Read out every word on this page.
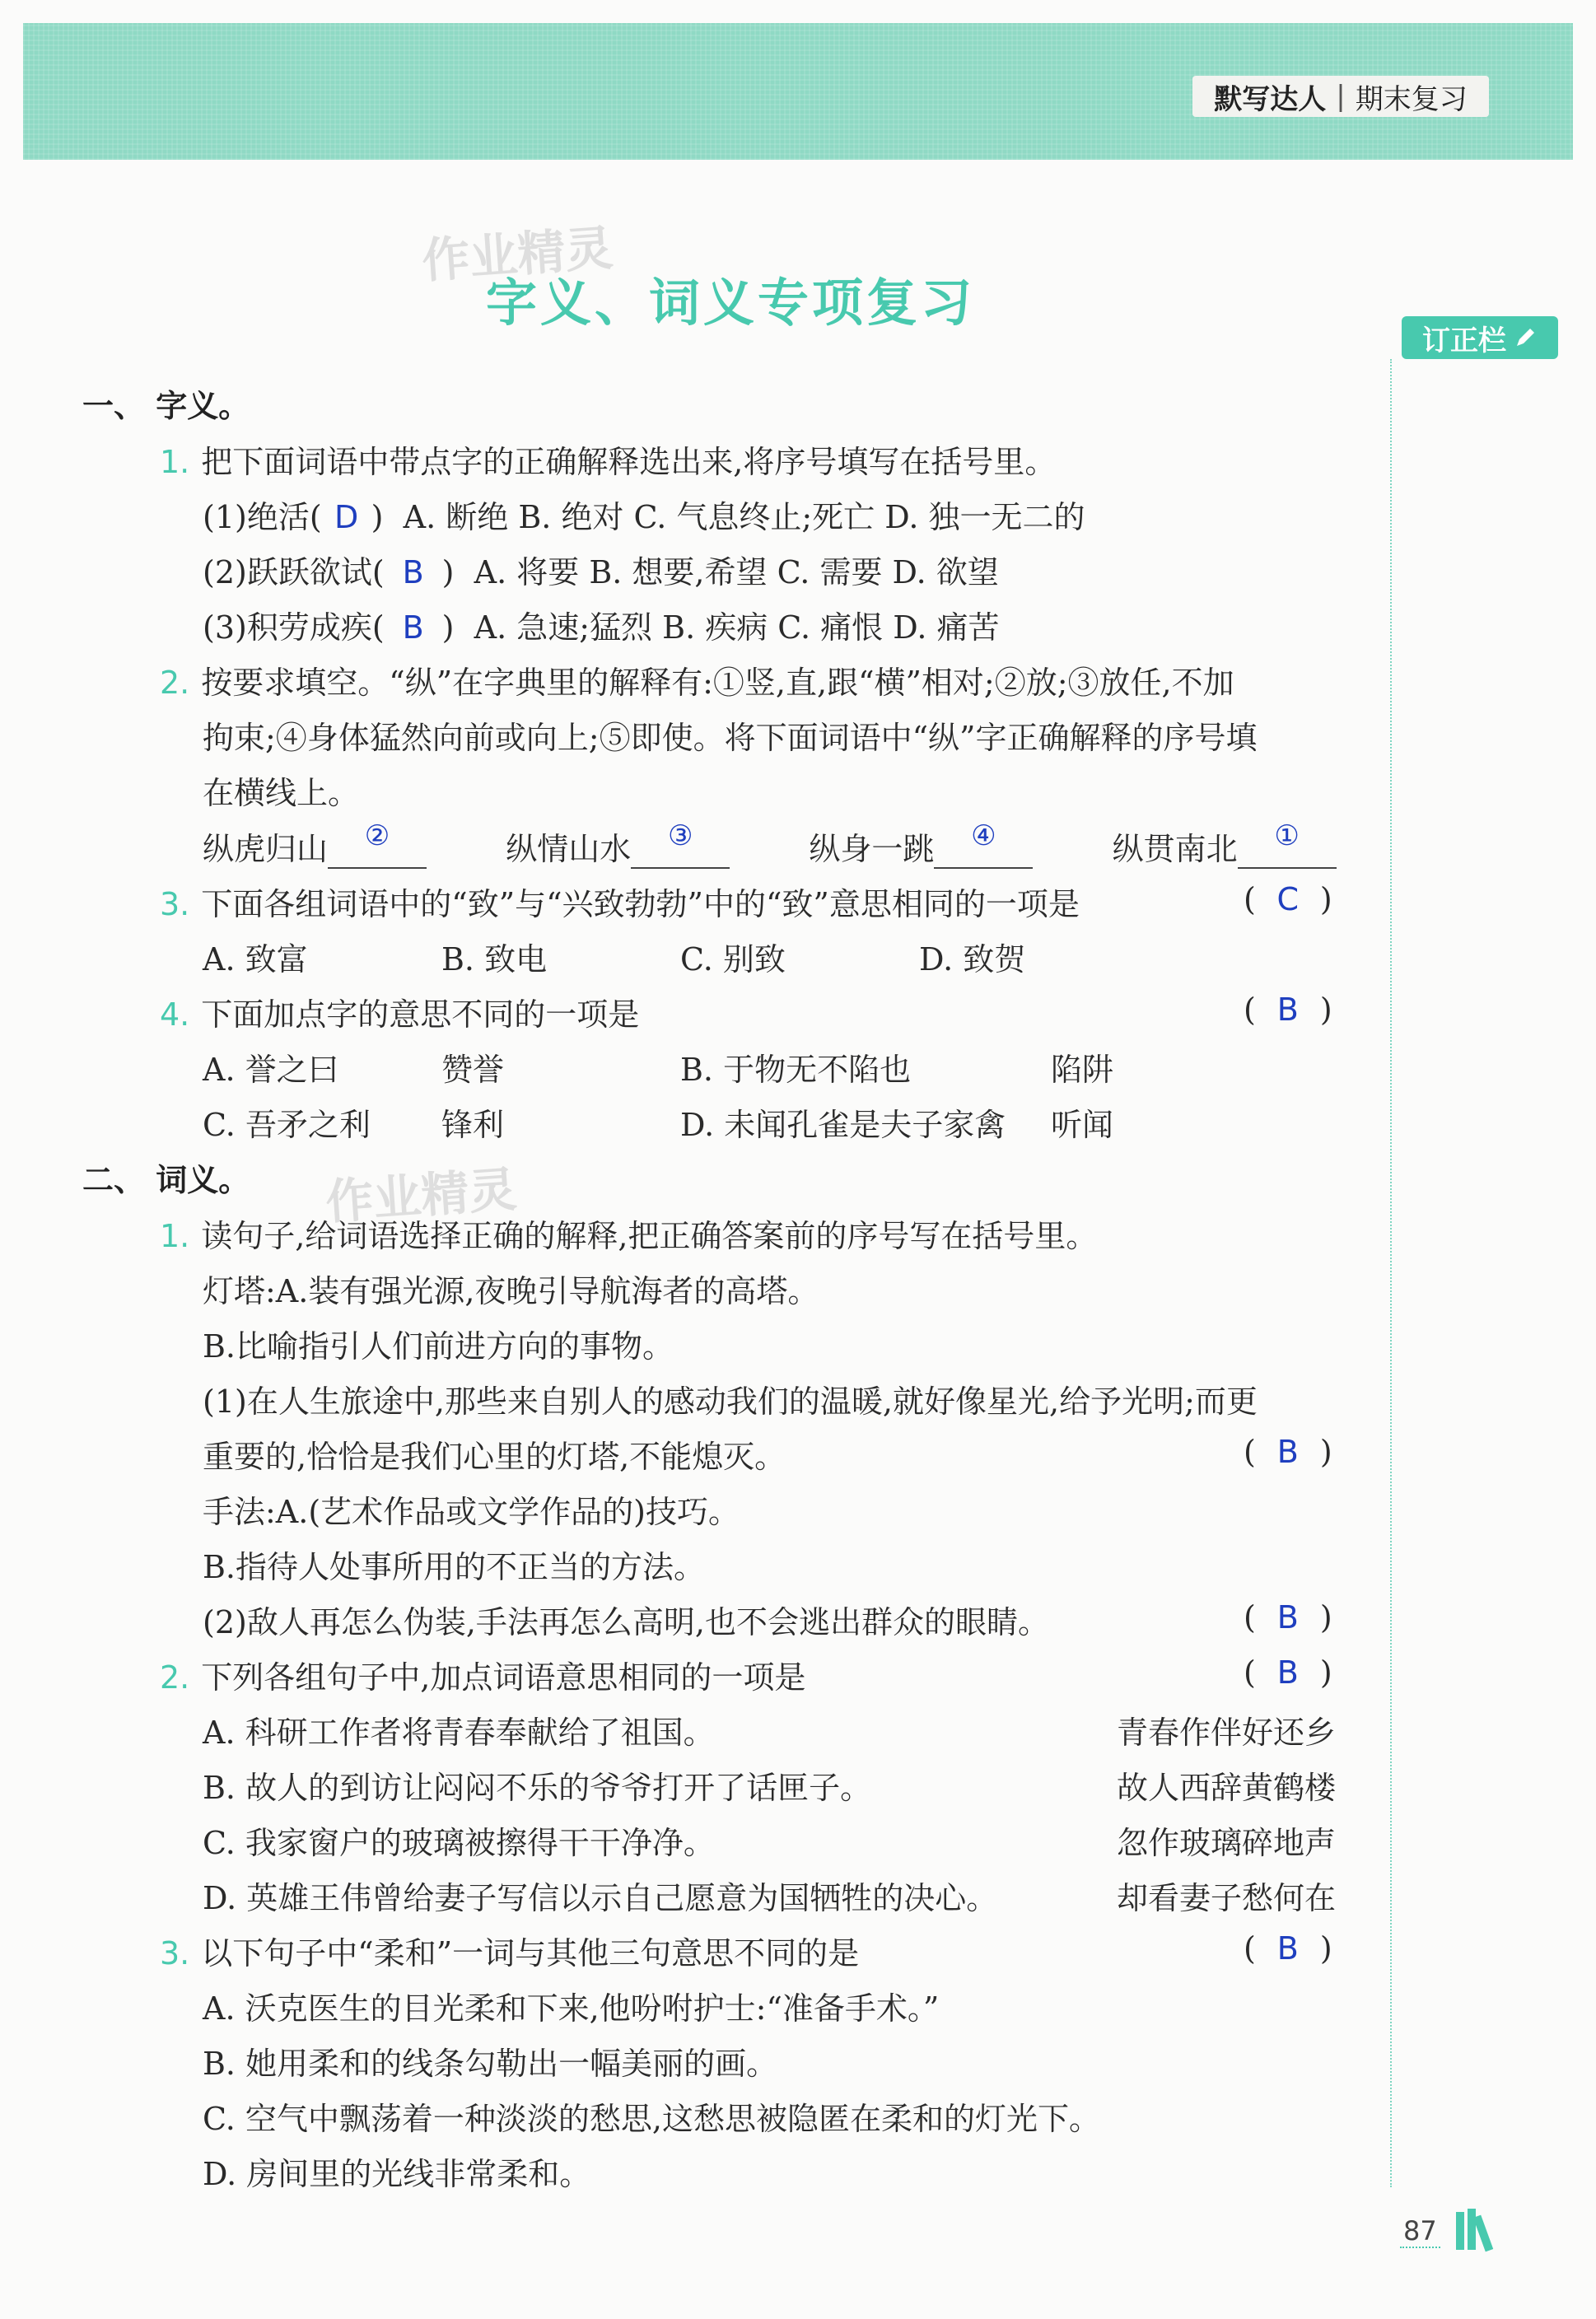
默写达人 | 期末复习
作业精灵
字义、词义专项复习
订正栏
一、 字义。
1. 把下面词语中带点字的正确解释选出来,将序号填写在括号里。
(1)绝活( D ) A. 断绝 B. 绝对 C. 气息终止;死亡 D. 独一无二的
(2)跃跃欲试( B ) A. 将要 B. 想要,希望 C. 需要 D. 欲望
(3)积劳成疾( B ) A. 急速;猛烈 B. 疾病 C. 痛恨 D. 痛苦
2. 按要求填空。“纵”在字典里的解释有:①竖,直,跟“横”相对;②放;③放任,不加
拘束;④身体猛然向前或向上;⑤即使。将下面词语中“纵”字正确解释的序号填
在横线上。
纵虎归山	②	纵情山水	③	纵身一跳	④	纵贯南北	①
3. 下面各组词语中的“致”与“兴致勃勃”中的“致”意思相同的一项是	( C )
A. 致富	B. 致电	C. 别致	D. 致贺
4. 下面加点字的意思不同的一项是	( B )
A. 誉之曰	赞誉	B. 于物无不陷也	陷阱
C. 吾矛之利 锋利	D. 未闻孔雀是夫子家禽 听闻
作业精灵
二、 词义。
1. 读句子,给词语选择正确的解释,把正确答案前的序号写在括号里。
灯塔:A.装有强光源,夜晚引导航海者的高塔。
B.比喻指引人们前进方向的事物。
(1)在人生旅途中,那些来自别人的感动我们的温暖,就好像星光,给予光明;而更
重要的,恰恰是我们心里的灯塔,不能熄灭。	( B )
手法:A.(艺术作品或文学作品的)技巧。
B.指待人处事所用的不正当的方法。
(2)敌人再怎么伪装,手法再怎么高明,也不会逃出群众的眼睛。	( B )
2. 下列各组句子中,加点词语意思相同的一项是	( B )
A. 科研工作者将青春奉献给了祖国。	青春作伴好还乡
B. 故人的到访让闷闷不乐的爷爷打开了话匣子。	故人西辞黄鹤楼
C. 我家窗户的玻璃被擦得干干净净。	忽作玻璃碎地声
D. 英雄王伟曾给妻子写信以示自己愿意为国牺牲的决心。	却看妻子愁何在
3. 以下句子中“柔和”一词与其他三句意思不同的是	( B )
A. 沃克医生的目光柔和下来,他吩咐护士:“准备手术。”
B. 她用柔和的线条勾勒出一幅美丽的画。
C. 空气中飘荡着一种淡淡的愁思,这愁思被隐匿在柔和的灯光下。
D. 房间里的光线非常柔和。
87
